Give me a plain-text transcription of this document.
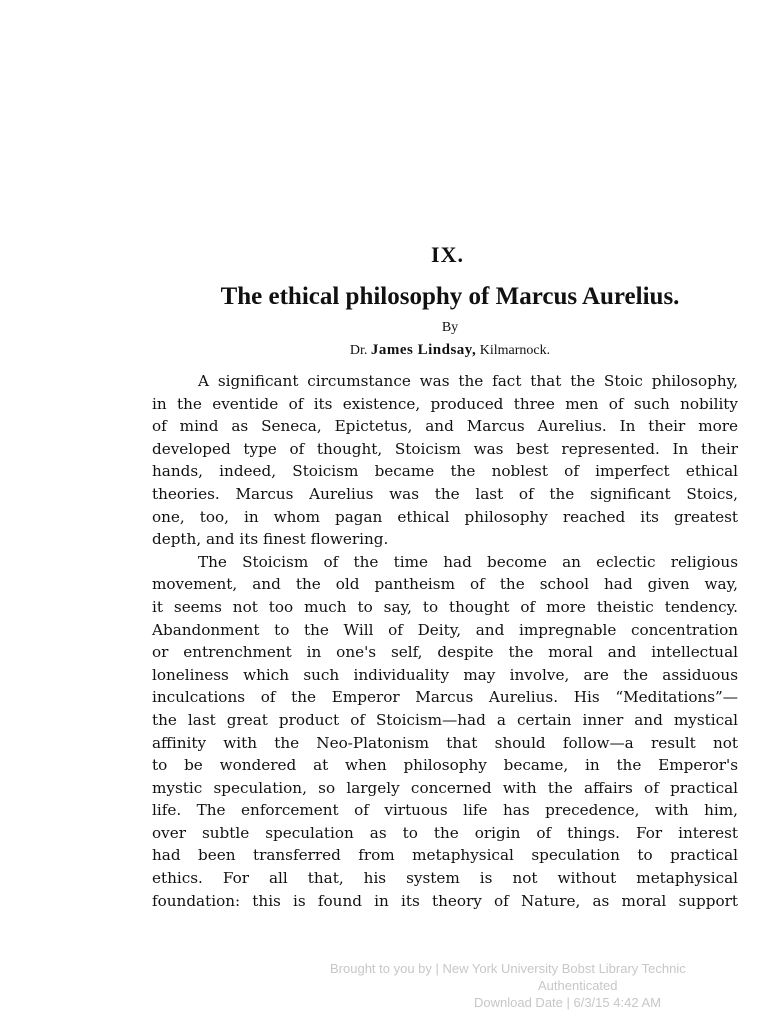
IX.
The ethical philosophy of Marcus Aurelius.
By
Dr. James Lindsay, Kilmarnock.
A significant circumstance was the fact that the Stoic philosophy,
in the eventide of its existence, produced three men of such nobility
of mind as Seneca, Epictetus, and Marcus Aurelius. In their more
developed type of thought, Stoicism was best represented. In their
hands, indeed, Stoicism became the noblest of imperfect ethical
theories. Marcus Aurelius was the last of the significant Stoics,
one, too, in whom pagan ethical philosophy reached its greatest
depth, and its finest flowering.
The Stoicism of the time had become an eclectic religious
movement, and the old pantheism of the school had given way,
it seems not too much to say, to thought of more theistic tendency.
Abandonment to the Will of Deity, and impregnable concentration
or entrenchment in one's self, despite the moral and intellectual
loneliness which such individuality may involve, are the assiduous
inculcations of the Emperor Marcus Aurelius. His “Meditations”—
the last great product of Stoicism—had a certain inner and mystical
affinity with the Neo-Platonism that should follow—a result not
to be wondered at when philosophy became, in the Emperor's
mystic speculation, so largely concerned with the affairs of practical
life. The enforcement of virtuous life has precedence, with him,
over subtle speculation as to the origin of things. For interest
had been transferred from metaphysical speculation to practical
ethics. For all that, his system is not without metaphysical
foundation: this is found in its theory of Nature, as moral support
Brought to you by | New York University Bobst Library Technic
Authenticated
Download Date | 6/3/15 4:42 AM
